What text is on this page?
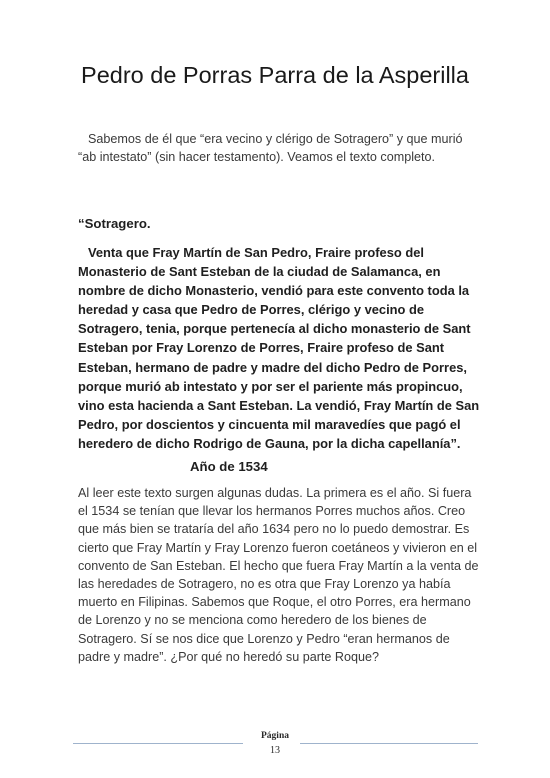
Pedro de Porras Parra de la Asperilla

Sabemos de él que “era vecino y clérigo de Sotragero” y que murió “ab intestato” (sin hacer testamento). Veamos el texto completo.

“Sotragero.

Venta que Fray Martín de San Pedro, Fraire profeso del Monasterio de Sant Esteban de la ciudad de Salamanca, en nombre de dicho Monasterio, vendió para este convento toda la heredad y casa que Pedro de Porres, clérigo y vecino de Sotragero, tenia, porque pertenecía al dicho monasterio de Sant Esteban por Fray Lorenzo de Porres, Fraire profeso de Sant Esteban, hermano de padre y madre del dicho Pedro de Porres, porque murió ab intestato y por ser el pariente más propincuo, vino esta hacienda a Sant Esteban. La vendió, Fray Martín de San Pedro, por doscientos y cincuenta mil maravedíes que pagó el heredero de dicho Rodrigo de Gauna, por la dicha capellanía”.

Año de 1534

Al leer este texto surgen algunas dudas. La primera es el año. Si fuera el 1534 se tenían que llevar los hermanos Porres muchos años. Creo que más bien se trataría del año 1634 pero no lo puedo demostrar. Es cierto que Fray Martín y Fray Lorenzo fueron coetáneos y vivieron en el convento de San Esteban. El hecho que fuera Fray Martín a la venta de las heredades de Sotragero, no es otra que Fray Lorenzo ya había muerto en Filipinas. Sabemos que Roque, el otro Porres, era hermano de Lorenzo y no se menciona como heredero de los bienes de Sotragero. Sí se nos dice que Lorenzo y Pedro “eran hermanos de padre y madre”. ¿Por qué no heredó su parte Roque?

Página

13
